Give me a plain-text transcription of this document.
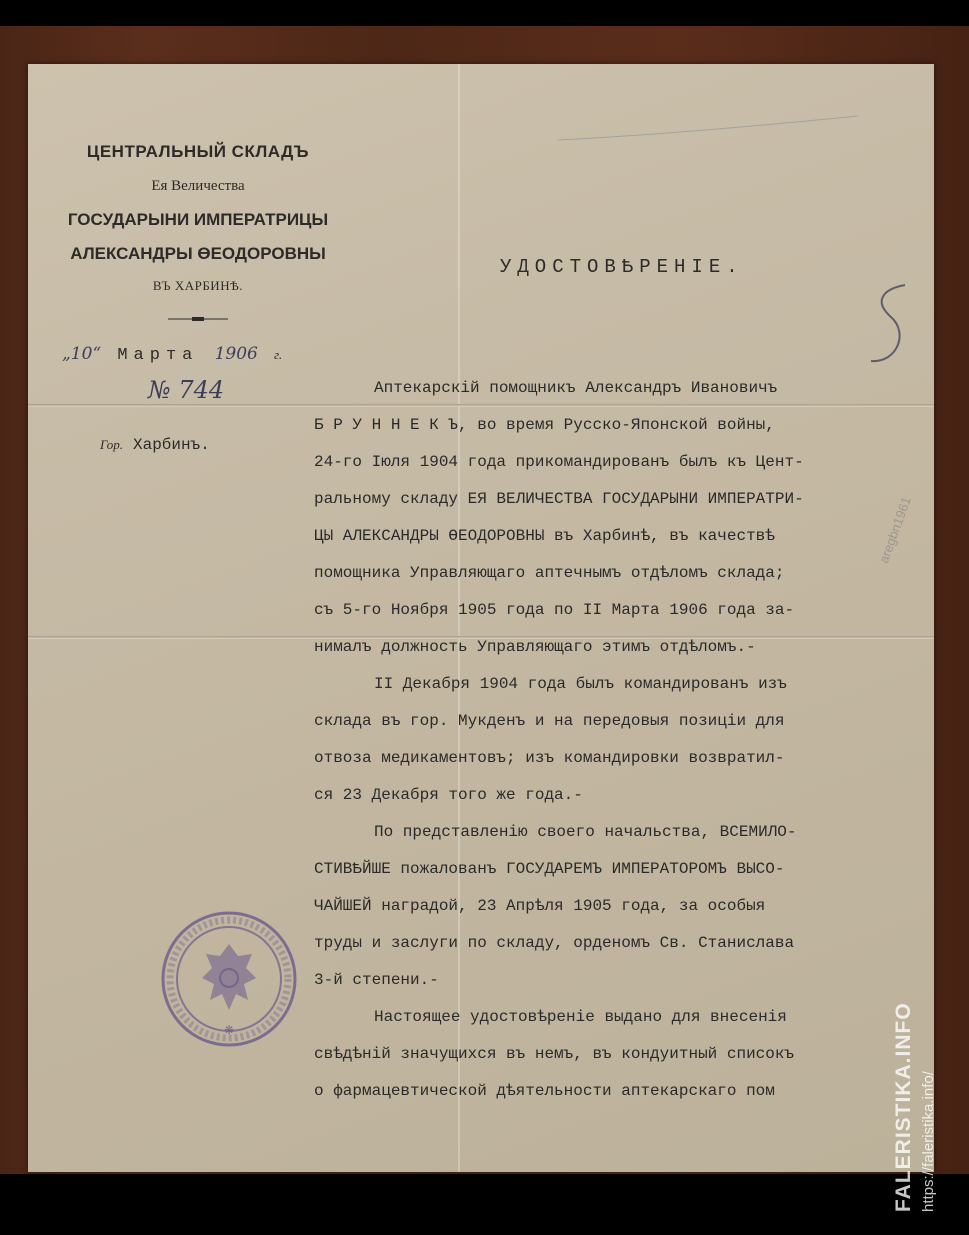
ЦЕНТРАЛЬНЫЙ СКЛАДЪ
Ея Величества
ГОСУДАРЫНИ ИМПЕРАТРИЦЫ
АЛЕКСАНДРЫ ӨЕОДОРОВНЫ
ВЪ ХАРБИНѢ.
„10“ Марта 1906 г.
№ 744
Гор. Харбинъ.
УДОСТОВѢРЕНІЕ.
Аптекарскій помощникъ Александръ Ивановичъ
Б Р У Н Н Е К Ъ, во время Русско-Японской войны,
24-го Іюля 1904 года прикомандированъ былъ къ Цент-
ральному складу ЕЯ ВЕЛИЧЕСТВА ГОСУДАРЫНИ ИМПЕРАТРИ-
ЦЫ АЛЕКСАНДРЫ ӨЕОДОРОВНЫ въ Харбинѣ, въ качествѣ
помощника Управляющаго аптечнымъ отдѣломъ склада;
съ 5-го Ноября 1905 года по II Марта 1906 года за-
нималъ должность Управляющаго этимъ отдѣломъ.-
II Декабря 1904 года былъ командированъ изъ
склада въ гор. Мукденъ и на передовыя позиціи для
отвоза медикаментовъ; изъ командировки возвратил-
ся 23 Декабря того же года.-
По представленію своего начальства, ВСЕМИЛО-
СТИВѢЙШЕ пожалованъ ГОСУДАРЕМЪ ИМПЕРАТОРОМЪ ВЫСО-
ЧАЙШЕЙ наградой, 23 Апрѣля 1905 года, за особыя
труды и заслуги по складу, орденомъ Св. Станислава
3-й степени.-
Настоящее удостовѣреніе выдано для внесенія
свѣдѣній значущихся въ немъ, въ кондуитный списокъ
о фармацевтической дѣятельности аптекарскаго пом
❋
aregbn1961
FALERISTIKA.INFO https://faleristika.info/
